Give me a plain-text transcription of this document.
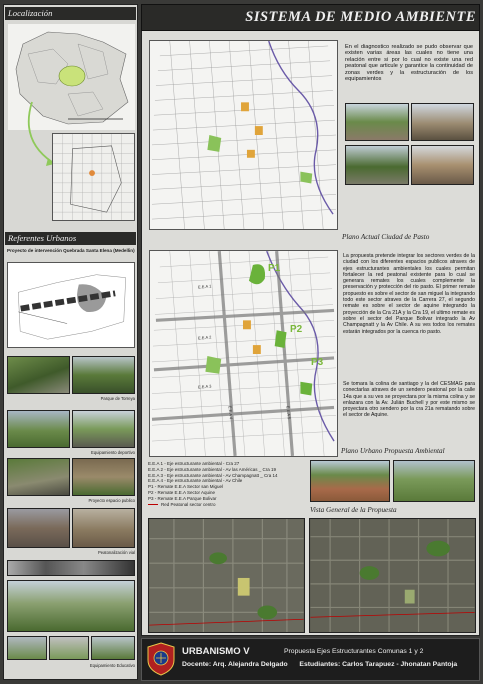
Localización
Referentes Urbanos
Proyecto de intervención Quebrada Santa Elena (Medellin)
Parque de Torreya
Equipamiento deportivo
Proyecto espacio publico
Peatonalización vial
Equipamiento Educativo
SISTEMA DE MEDIO AMBIENTE
En el diagnostico realizado se pudo observar que existen varias áreas las cuales no tiene una relación entre si por lo cual no existe una red peatonal que articule y garantice la continuidad de zonas verdes y la estructuración de los equipamientos
Plano Actual Ciudad de Pasto
P1
P2
P3
E.E.A 1
E.E.A 2
E.E.A 3
E.E.A 4	E.E.A 5
La propuesta pretende integrar los sectores verdes de la ciudad con los diferentes espacios publicos atraves de ejes estructurantes ambientales los cuales permitan fortalecer la red peatonal existente para lo cual se generara remates los cuales complemente la preservación y protección del rio pasto. El primer remate propuesto es sobre el sector de san miguel la integrando todo este sector atraves de la Carrera 27, el segundo remate es sobre el sector de aquine integrando la proyección de la Cra 21A y la Cra 19, el ultimo remate es sobre el sector del Parque Bolivar integrado la Av Champagnatt y la Av Chile. A su ves todos los remates estarán integrados por la cuenca rio pasto.
Se tomara la colina de santiago y la del CESMAG para conectarlas atraves de un sendero peatonal por la calle 14a que a su ves se proyectara por la misma colina y se enlazara con la Av. Julián Buchell y por este mismo se proyectara otro sendero por la cra 21a rematando sobre el sector de Aquine.
Plano Urbano Propuesta Ambiental
E.E.A 1 - Eje estructurante ambiental - Cra 27
E.E.A 2 - Eje estructurante ambiental - Av las Américas _ Cra 19
E.E.A 3 - Eje estructurante ambiental - Av Champagnatt _ Cra 14
E.E.A 4 - Eje estructurante ambiental - Av Chile
P1 - Remate E.E.A Sector san Miguel
P2 - Remate E.E.A Sector Aquine
P3 - Remate E.E.A Parque Bolivar
Red Peatonal sector centro
Vista General de la Propuesta
URBANISMO V	Propuesta Ejes Estructurantes Comunas 1 y 2
Docente: Arq. Alejandra Delgado Estudiantes: Carlos Tarapuez - Jhonatan Pantoja
